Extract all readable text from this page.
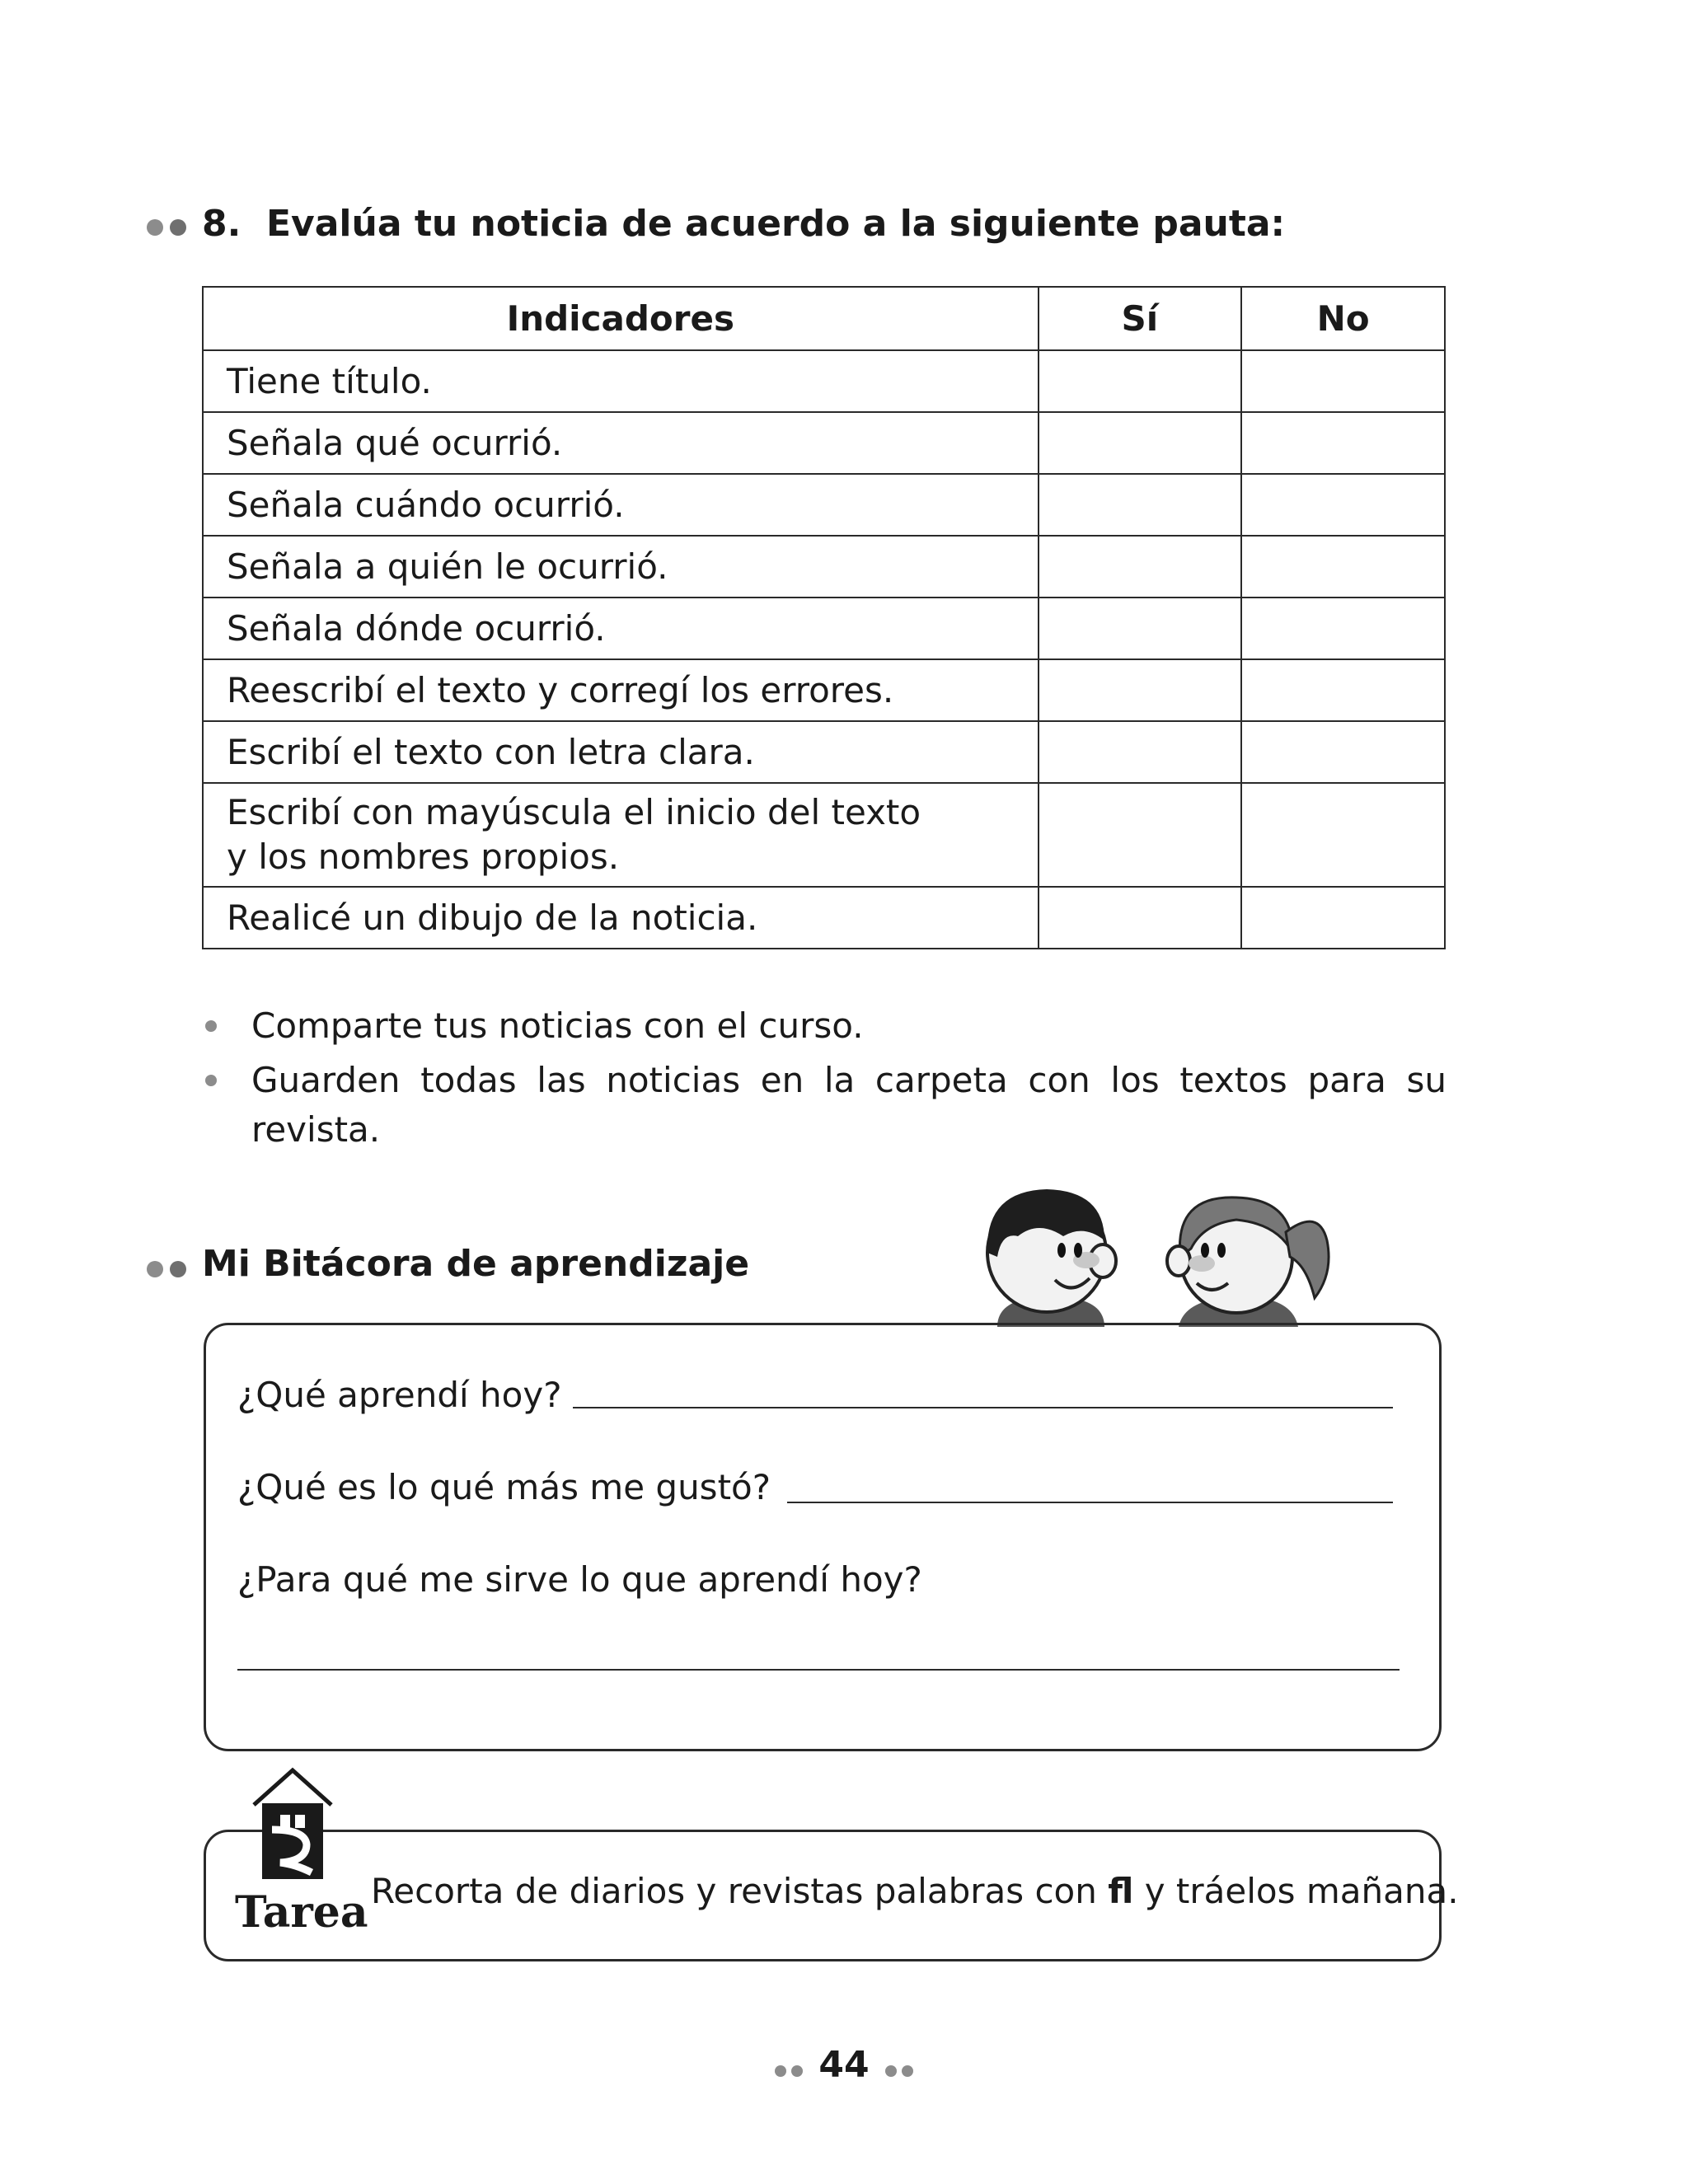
8. Evalúa tu noticia de acuerdo a la siguiente pauta:
Indicadores	Sí	No
Tiene título.		
Señala qué ocurrió.		
Señala cuándo ocurrió.		
Señala a quién le ocurrió.		
Señala dónde ocurrió.		
Reescribí el texto y corregí los errores.		
Escribí el texto con letra clara.		
Escribí con mayúscula el inicio del texto
y los nombres propios.		
Realicé un dibujo de la noticia.		
Comparte tus noticias con el curso.
Guarden todas las noticias en la carpeta con los textos para su revista.
Mi Bitácora de aprendizaje
¿Qué aprendí hoy?
¿Qué es lo qué más me gustó?
¿Para qué me sirve lo que aprendí hoy?
Tarea Recorta de diarios y revistas palabras con fl y tráelos mañana.
44
